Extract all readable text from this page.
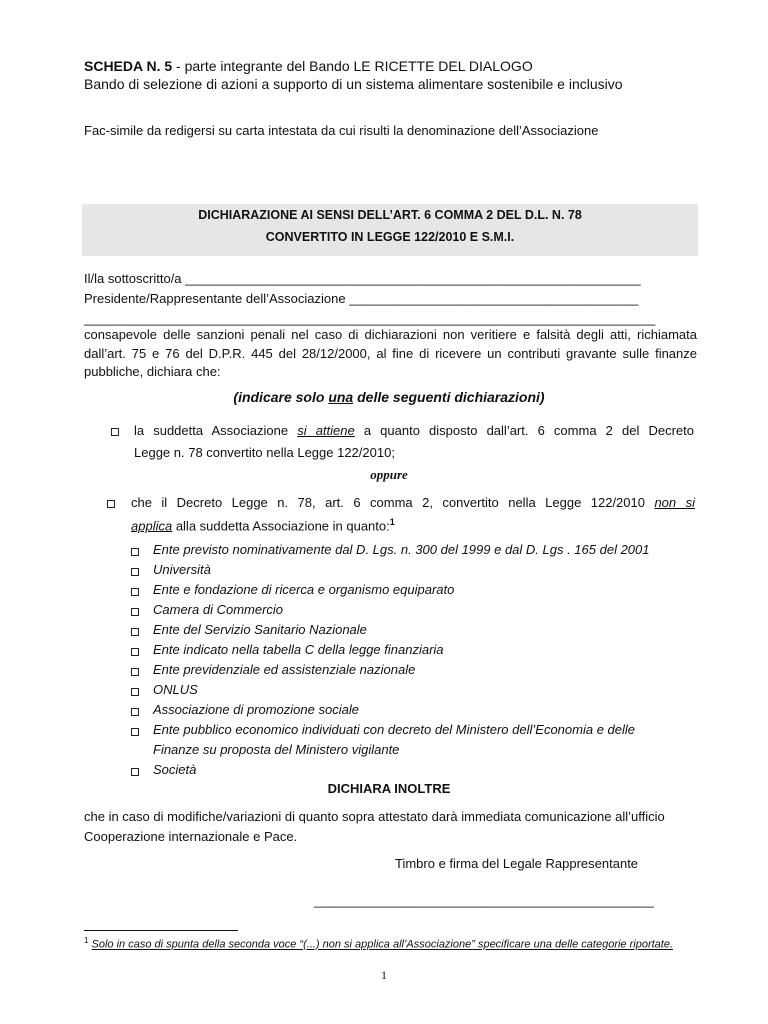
SCHEDA N. 5 - parte integrante del Bando LE RICETTE DEL DIALOGO
Bando di selezione di azioni a supporto di un sistema alimentare sostenibile e inclusivo
Fac-simile da redigersi su carta intestata da cui risulti la denominazione dell’Associazione
DICHIARAZIONE AI SENSI DELL’ART. 6 COMMA 2 DEL D.L. N. 78
CONVERTITO IN LEGGE 122/2010 E S.M.I.
Il/la sottoscritto/a _______________________________________________________________
Presidente/Rappresentante dell’Associazione ________________________________________
_______________________________________________________________________________
consapevole delle sanzioni penali nel caso di dichiarazioni non veritiere e falsità degli atti, richiamata dall’art. 75 e 76 del D.P.R. 445 del 28/12/2000, al fine di ricevere un contributi gravante sulle finanze pubbliche, dichiara che:
(indicare solo una delle seguenti dichiarazioni)
la suddetta Associazione si attiene a quanto disposto dall’art. 6 comma 2 del Decreto
Legge n. 78 convertito nella Legge 122/2010;
oppure
che il Decreto Legge n. 78, art. 6 comma 2, convertito nella Legge 122/2010 non si
applica alla suddetta Associazione in quanto:$^1$
Ente previsto nominativamente dal D. Lgs. n. 300 del 1999 e dal D. Lgs . 165 del 2001
Università
Ente e fondazione di ricerca e organismo equiparato
Camera di Commercio
Ente del Servizio Sanitario Nazionale
Ente indicato nella tabella C della legge finanziaria
Ente previdenziale ed assistenziale nazionale
ONLUS
Associazione di promozione sociale
Ente pubblico economico individuati con decreto del Ministero dell’Economia e delle
Finanze su proposta del Ministero vigilante
Società
DICHIARA INOLTRE
che in caso di modifiche/variazioni di quanto sopra attestato darà immediata comunicazione all’ufficio
Cooperazione internazionale e Pace.
Timbro e firma del Legale Rappresentante
_______________________________________________
$^1$ Solo in caso di spunta della seconda voce “(...) non si applica all’Associazione” specificare una delle categorie riportate.
1
